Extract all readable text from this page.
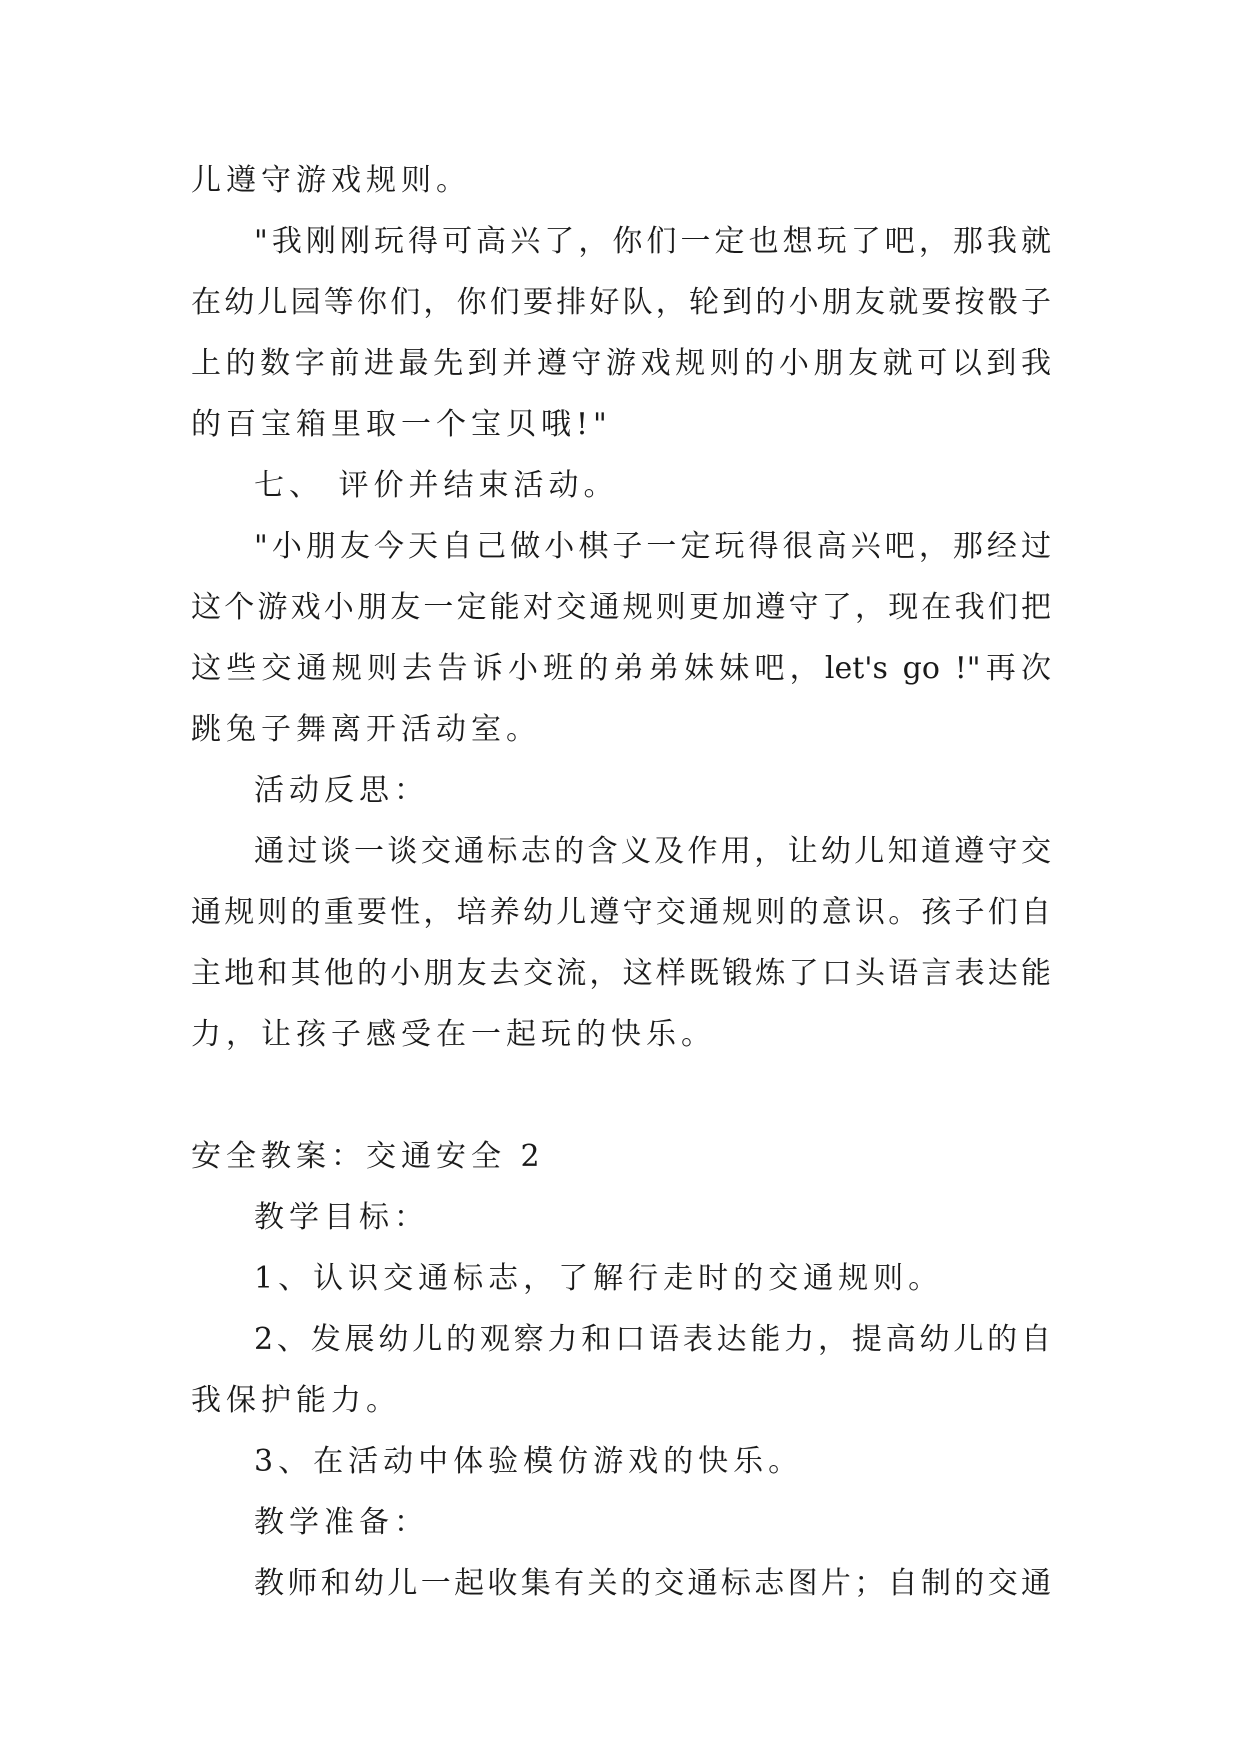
儿遵守游戏规则。
"我刚刚玩得可高兴了，你们一定也想玩了吧，那我就
在幼儿园等你们，你们要排好队，轮到的小朋友就要按骰子
上的数字前进最先到并遵守游戏规则的小朋友就可以到我
的百宝箱里取一个宝贝哦!"
七、 评价并结束活动。
"小朋友今天自己做小棋子一定玩得很高兴吧，那经过
这个游戏小朋友一定能对交通规则更加遵守了，现在我们把
这些交通规则去告诉小班的弟弟妹妹吧，let's go !"再次
跳兔子舞离开活动室。
活动反思：
通过谈一谈交通标志的含义及作用，让幼儿知道遵守交
通规则的重要性，培养幼儿遵守交通规则的意识。孩子们自
主地和其他的小朋友去交流，这样既锻炼了口头语言表达能
力，让孩子感受在一起玩的快乐。
安全教案：交通安全 2
教学目标：
1、认识交通标志，了解行走时的交通规则。
2、发展幼儿的观察力和口语表达能力，提高幼儿的自
我保护能力。
3、在活动中体验模仿游戏的快乐。
教学准备：
教师和幼儿一起收集有关的交通标志图片；自制的交通
